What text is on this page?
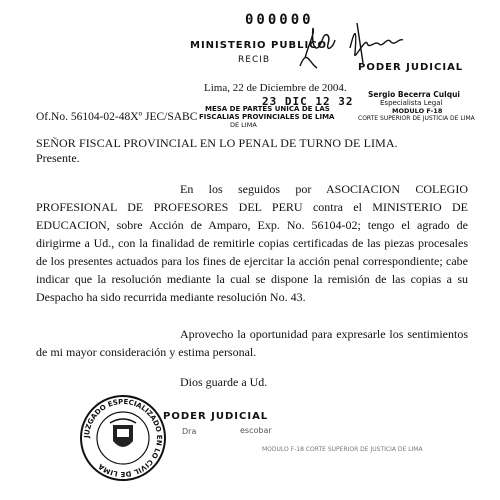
000000
MINISTERIO PUBLICO
RECIB
PODER JUDICIAL
Sergio Becerra Culqui
Especialista Legal
MODULO F-18
CORTE SUPERIOR DE JUSTICIA DE LIMA
Lima, 22 de Diciembre de 2004.
23 DIC 12 32
MESA DE PARTES UNICA DE LAS
FISCALIAS PROVINCIALES DE LIMA
DE LIMA
Of.No. 56104-02-48Xº JEC/SABC
SEÑOR FISCAL PROVINCIAL EN LO PENAL DE TURNO DE LIMA.
Presente.

En los seguidos por ASOCIACION COLEGIO PROFESIONAL DE PROFESORES DEL PERU contra el MINISTERIO DE EDUCACION, sobre Acción de Amparo, Exp. No. 56104-02; tengo el agrado de dirigirme a Ud., con la finalidad de remitirle copias certificadas de las piezas procesales de los presentes actuados para los fines de ejercitar la acción penal correspondiente; cabe indicar que la resolución mediante la cual se dispone la remisión de las copias a su Despacho ha sido recurrida mediante resolución No. 43.

Aprovecho la oportunidad para expresarle los sentimientos de mi mayor consideración y estima personal.

Dios guarde a Ud.
PODER JUDICIAL
Dra	escobar
MODULO F-18 CORTE SUPERIOR DE JUSTICIA DE LIMA
JUZGADO ESPECIALIZADO EN LO CIVIL DE LIMA
